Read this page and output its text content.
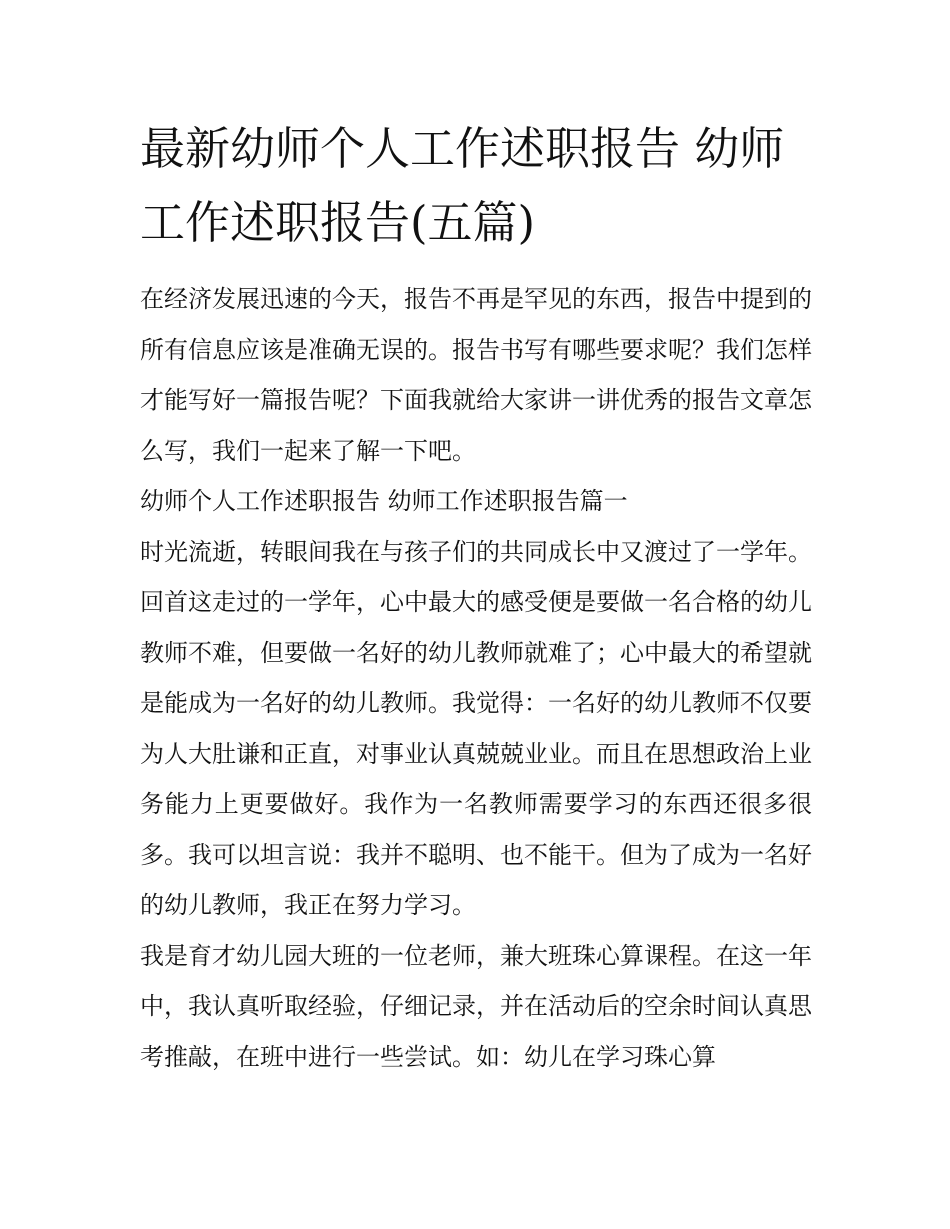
最新幼师个人工作述职报告 幼师工作述职报告(五篇)

在经济发展迅速的今天，报告不再是罕见的东西，报告中提到的所有信息应该是准确无误的。报告书写有哪些要求呢？我们怎样才能写好一篇报告呢？下面我就给大家讲一讲优秀的报告文章怎么写，我们一起来了解一下吧。

幼师个人工作述职报告 幼师工作述职报告篇一

时光流逝，转眼间我在与孩子们的共同成长中又渡过了一学年。回首这走过的一学年，心中最大的感受便是要做一名合格的幼儿教师不难，但要做一名好的幼儿教师就难了；心中最大的希望就是能成为一名好的幼儿教师。我觉得：一名好的幼儿教师不仅要为人大肚谦和正直，对事业认真兢兢业业。而且在思想政治上业务能力上更要做好。我作为一名教师需要学习的东西还很多很多。我可以坦言说：我并不聪明、也不能干。但为了成为一名好的幼儿教师，我正在努力学习。

我是育才幼儿园大班的一位老师，兼大班珠心算课程。在这一年中，我认真听取经验，仔细记录，并在活动后的空余时间认真思考推敲，在班中进行一些尝试。如：幼儿在学习珠心算
